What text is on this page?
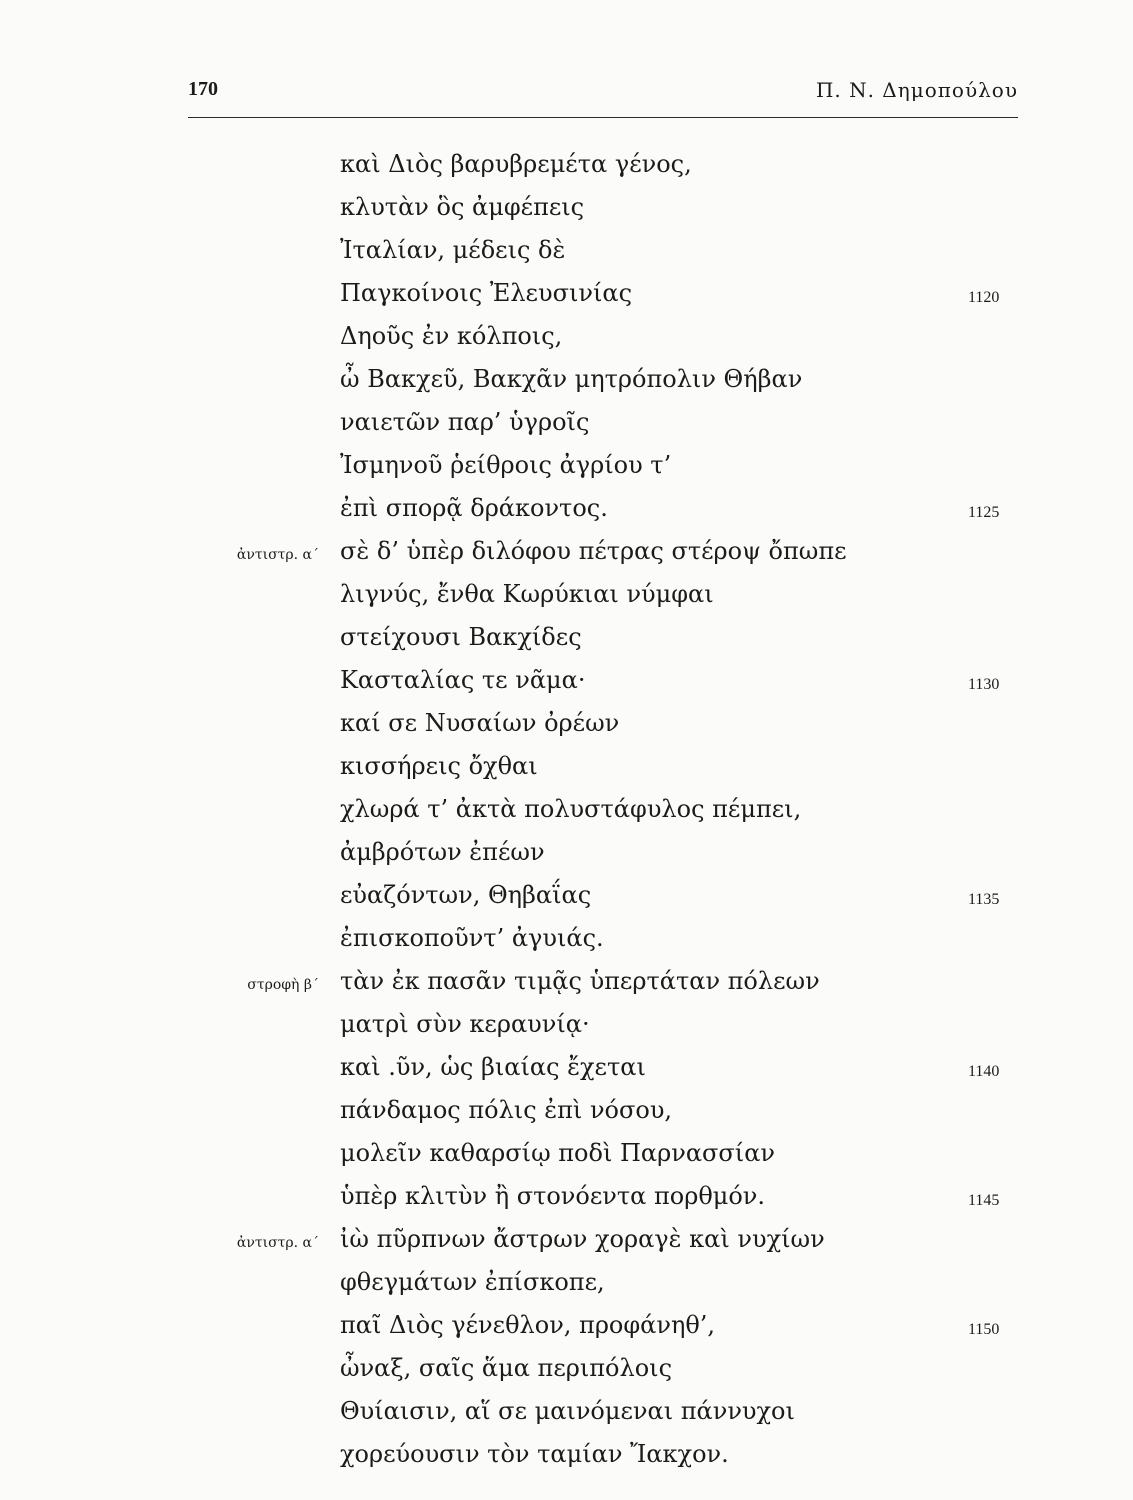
170	Π. Ν. Δημοπούλου
καὶ Διὸς βαρυβρεμέτα γένος,
κλυτὰν ὃς ἀμφέπεις
Ἰταλίαν, μέδεις δὲ
Παγκοίνοις Ἐλευσινίας
Δηοῦς ἐν κόλποις,
ὦ Βακχεῦ, Βακχᾶν μητρόπολιν Θήβαν
ναιετῶν παρ’ ὑγροῖς
Ἰσμηνοῦ ῥείθροις ἀγρίου τ’
ἐπὶ σπορᾷ δράκοντος.
σὲ δ’ ὑπὲρ διλόφου πέτρας στέροψ ὄπωπε
λιγνύς, ἔνθα Κωρύκιαι νύμφαι
στείχουσι Βακχίδες
Κασταλίας τε νᾶμα·
καί σε Νυσαίων ὀρέων
κισσήρεις ὄχθαι
χλωρά τ’ ἀκτὰ πολυστάφυλος πέμπει,
ἀμβρότων ἐπέων
εὐαζόντων, Θηβαΐας
ἐπισκοποῦντ’ ἀγυιάς.
τὰν ἐκ πασᾶν τιμᾷς ὑπερτάταν πόλεων
ματρὶ σὺν κεραυνίᾳ·
καὶ .ῦν, ὡς βιαίας ἔχεται
πάνδαμος πόλις ἐπὶ νόσου,
μολεῖν καθαρσίῳ ποδὶ Παρνασσίαν
ὑπὲρ κλιτὺν ἢ στονόεντα πορθμόν.
ἰὼ πῦρπνων ἄστρων χοραγὲ καὶ νυχίων
φθεγμάτων ἐπίσκοπε,
παῖ Διὸς γένεθλον, προφάνηθ’,
ὦναξ, σαῖς ἅμα περιπόλοις
Θυίαισιν, αἵ σε μαινόμεναι πάννυχοι
χορεύουσιν τὸν ταμίαν Ἴακχον.
1120
1125
1130
1135
1140
1145
1150
ἀντιστρ. α΄
στροφὴ β΄
ἀντιστρ. α΄
